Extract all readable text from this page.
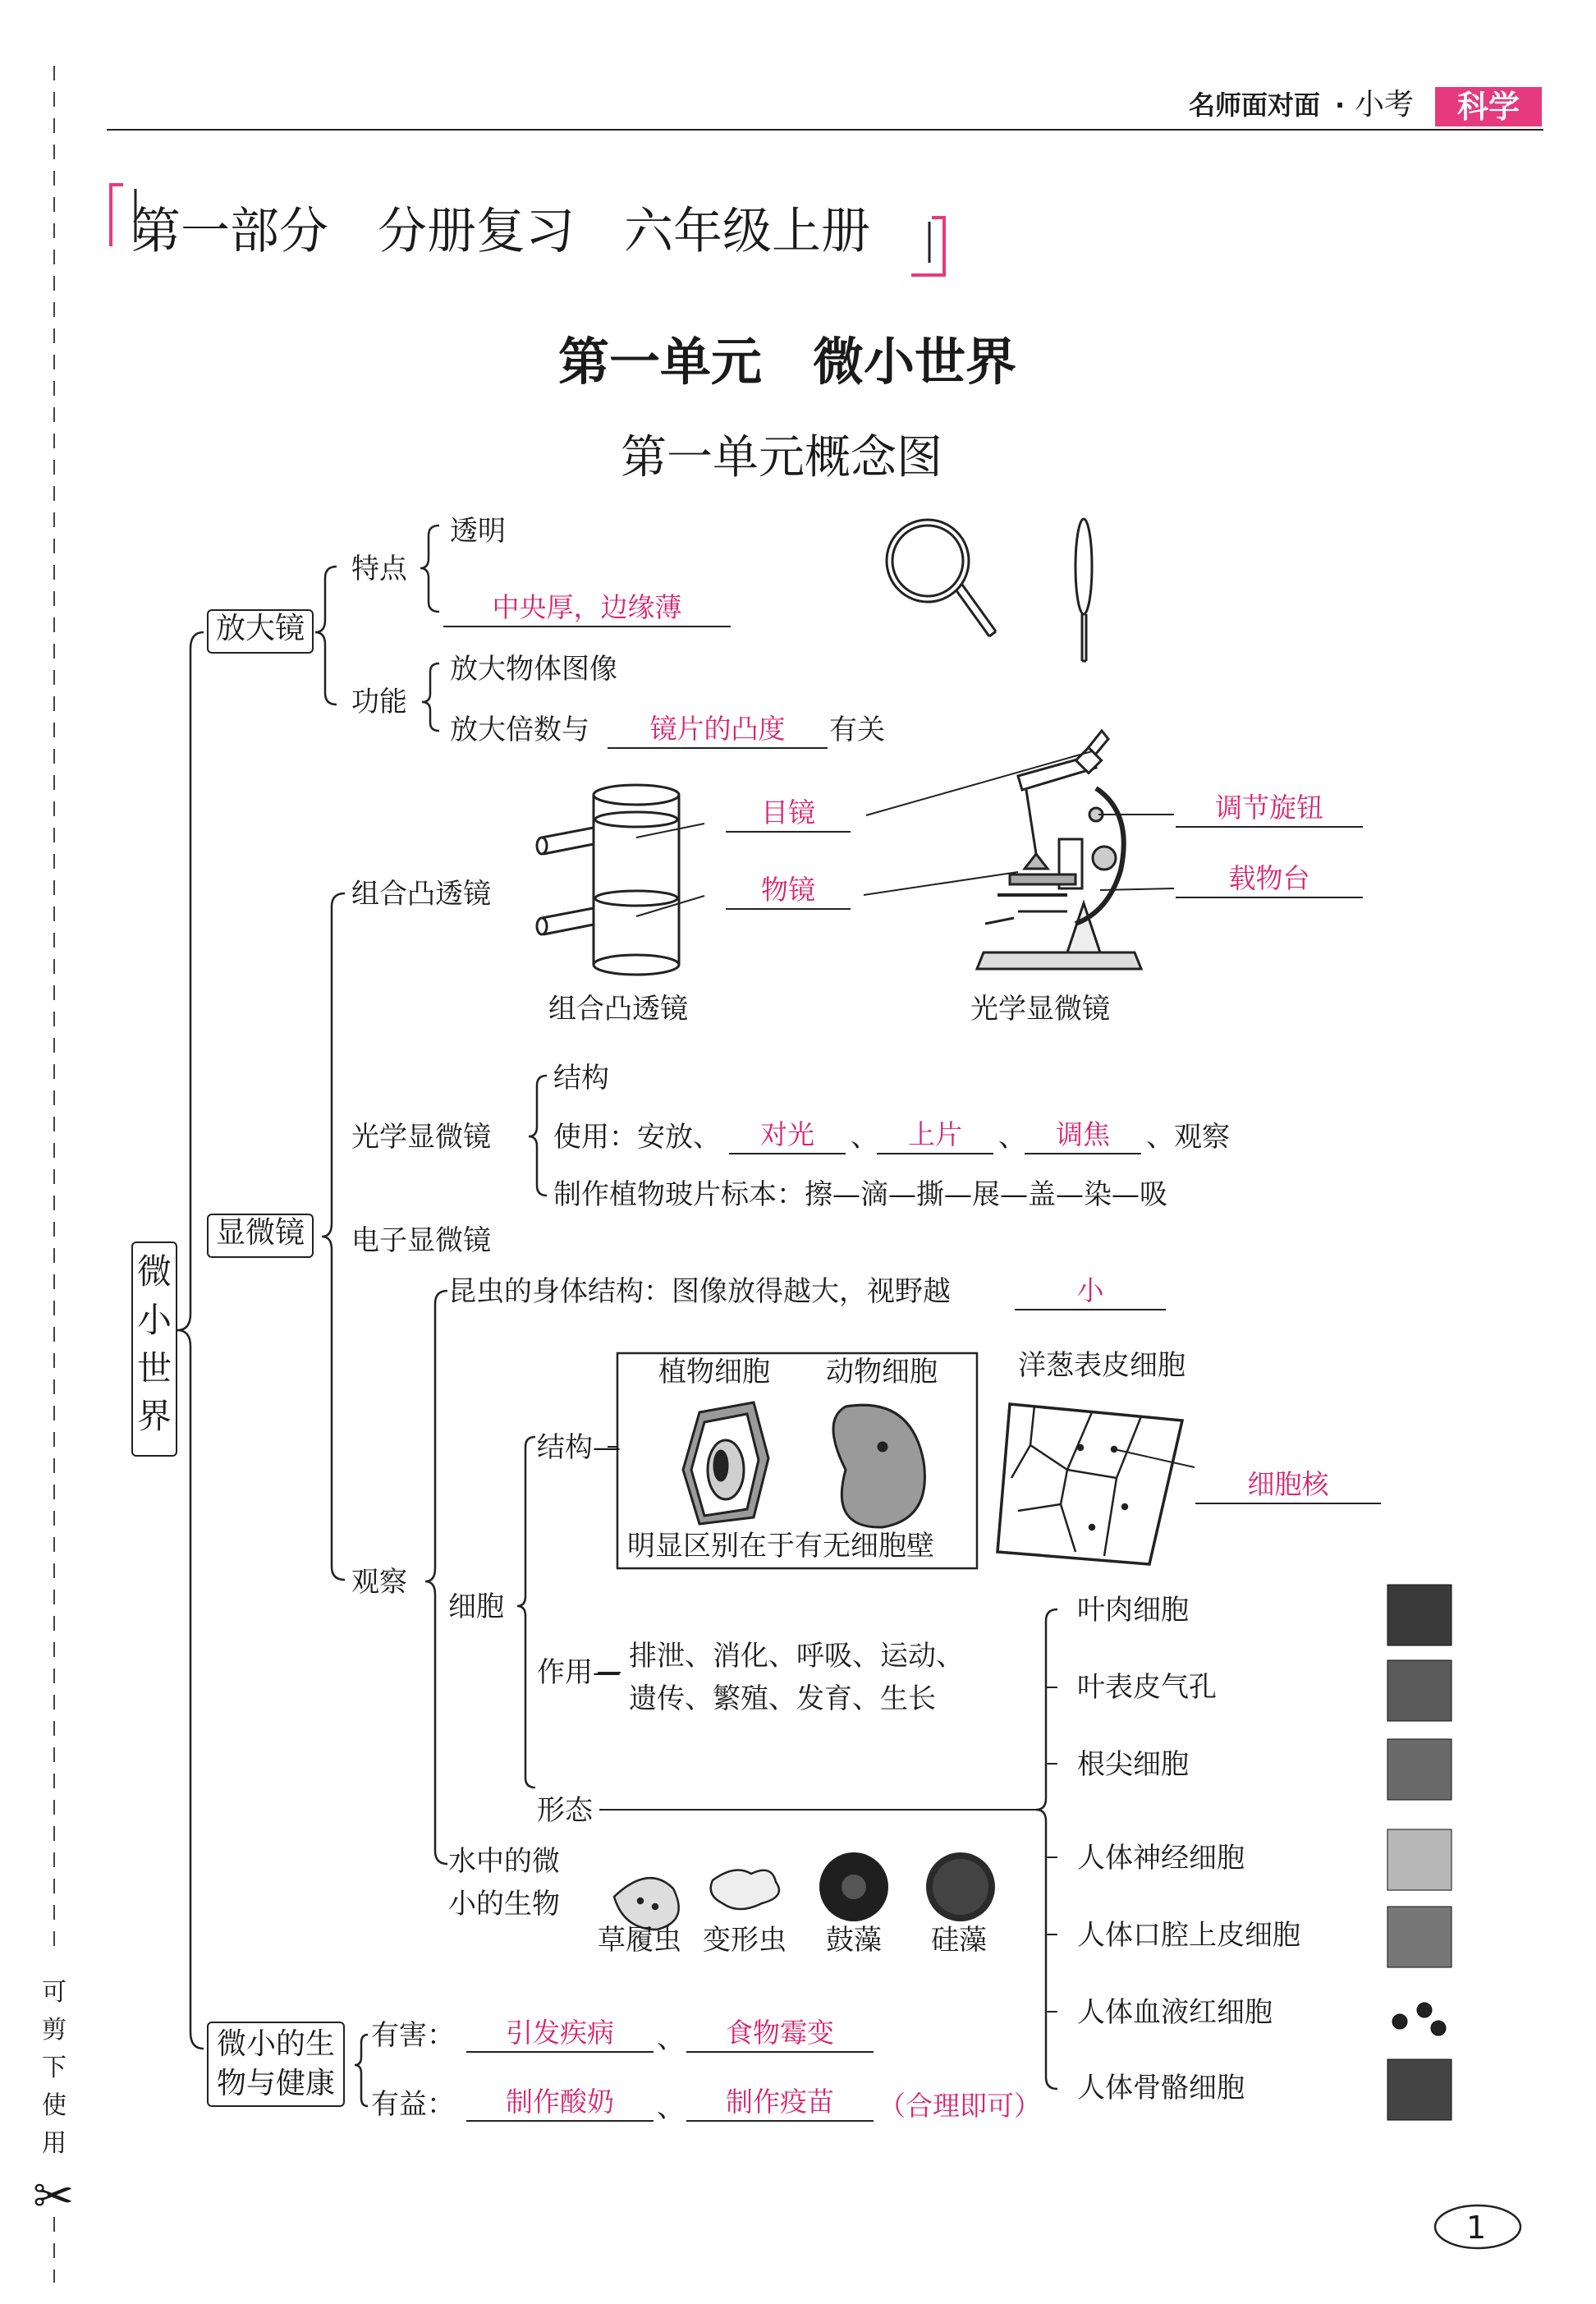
名师面对面 · 小考	科学
第一部分　分册复习　六年级上册
第一单元　微小世界
第一单元概念图
微
小
世
界
放大镜
特点
透明
中央厚，边缘薄
功能
放大物体图像
放大倍数与	镜片的凸度	有关
显微镜
组合凸透镜
目镜
物镜
调节旋钮
载物台
组合凸透镜	光学显微镜
光学显微镜
结构
使用：安放、	对光	、	上片	、	调焦	、观察
制作植物玻片标本：擦—滴—撕—展—盖—染—吸
电子显微镜
观察
昆虫的身体结构：图像放得越大，视野越	小
细胞
结构—
植物细胞 动物细胞
明显区别在于有无细胞壁
洋葱表皮细胞
细胞核
作用— 排泄、消化、呼吸、运动、
遗传、繁殖、发育、生长
形态
叶肉细胞
叶表皮气孔
根尖细胞
人体神经细胞
人体口腔上皮细胞
人体血液红细胞
人体骨骼细胞
水中的微
小的生物
草履虫 变形虫 鼓藻 硅藻
微小的生
物与健康
有害：	引发疾病	、	食物霉变
有益：	制作酸奶	、	制作疫苗	（合理即可）
可
剪
下
使
用
✂
1
